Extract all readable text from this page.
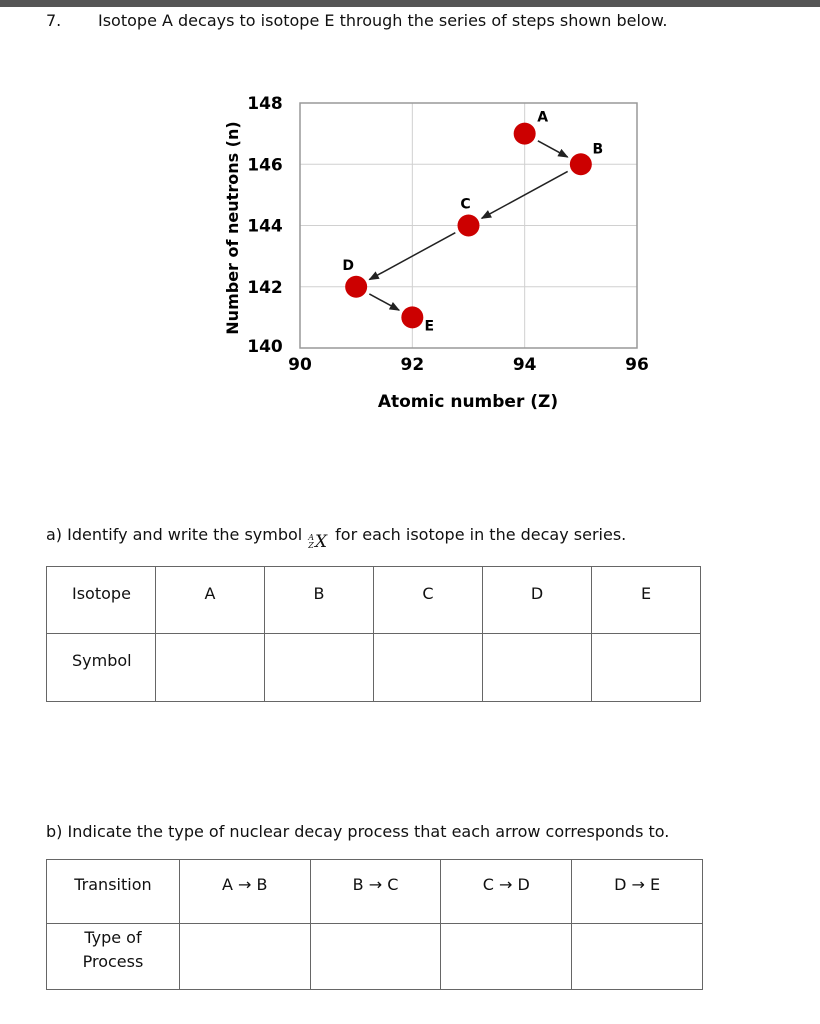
7. Isotope A decays to isotope E through the series of steps shown below.
140
142
144
146
148
90	92	94	96
A
B
C
D
E
Atomic number (Z)
Number of neutrons (n)
a) Identify and write the symbol A
Z X for each isotope in the decay series.
Isotope	A	B	C	D	E
Symbol					
b) Indicate the type of nuclear decay process that each arrow corresponds to.
Transition	A → B	B → C	C → D	D → E
Type of
Process				
